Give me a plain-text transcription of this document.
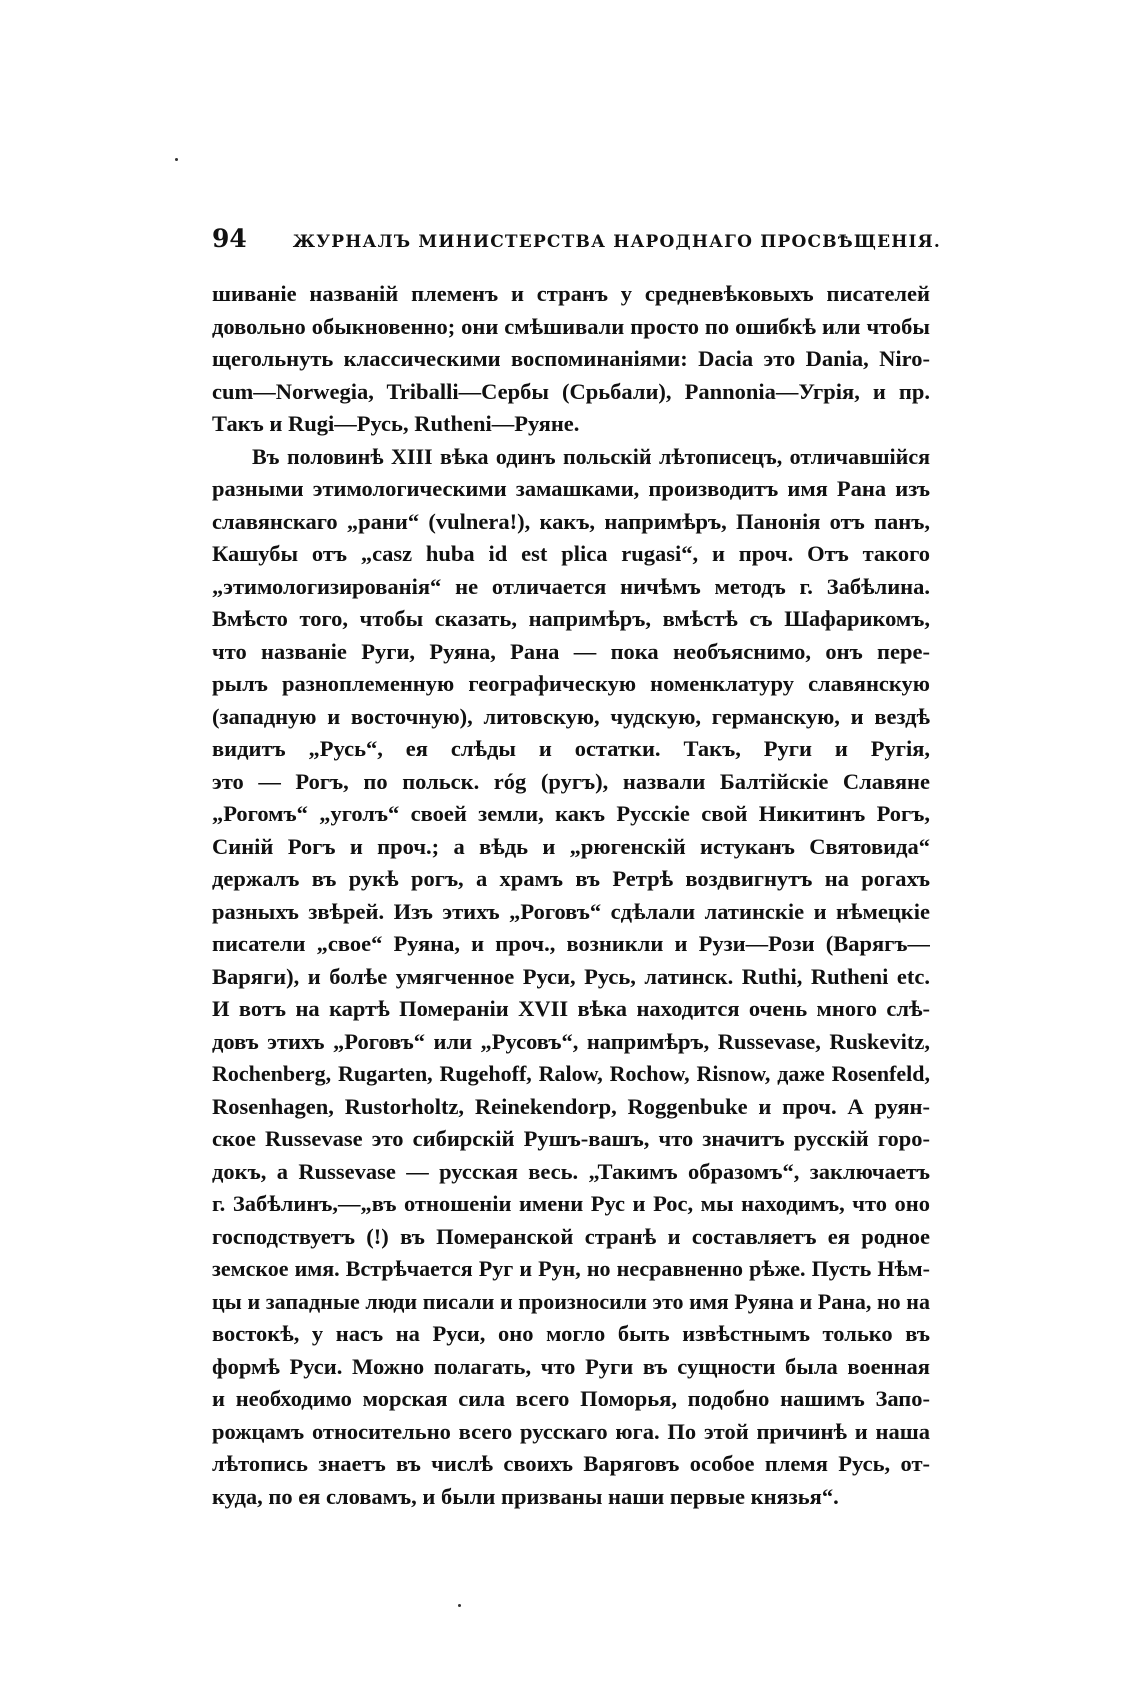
94	ЖУРНАЛЪ МИНИСТЕРСТВА НАРОДНАГО ПРОСВѢЩЕНІЯ.
шиваніе названій племенъ и странъ у средневѣковыхъ писателей
довольно обыкновенно; они смѣшивали просто по ошибкѣ или чтобы
щегольнуть классическими воспоминаніями: Dacia это Dania, Niro-
cum—Norwegia, Triballi—Сербы (Срьбали), Pannonia—Угрія, и пр.
Такъ и Rugi—Русь, Rutheni—Руяне.
Въ половинѣ XIII вѣка одинъ польскій лѣтописецъ, отличавшійся
разными этимологическими замашками, производитъ имя Рана изъ
славянскаго „рани“ (vulnera!), какъ, напримѣръ, Панонія отъ панъ,
Кашубы отъ „casz huba id est plica rugasi“, и проч. Отъ такого
„этимологизированія“ не отличается ничѣмъ методъ г. Забѣлина.
Вмѣсто того, чтобы сказать, напримѣръ, вмѣстѣ съ Шафарикомъ,
что названіе Руги, Руяна, Рана — пока необъяснимо, онъ пере-
рылъ разноплеменную географическую номенклатуру славянскую
(западную и восточную), литовскую, чудскую, германскую, и вездѣ
видитъ „Русь“, ея слѣды и остатки. Такъ, Руги и Ругія,
это — Рогъ, по польск. róg (ругъ), назвали Балтійскіе Славяне
„Рогомъ“ „уголъ“ своей земли, какъ Русскіе свой Никитинъ Рогъ,
Синій Рогъ и проч.; а вѣдь и „рюгенскій истуканъ Святовида“
держалъ въ рукѣ рогъ, а храмъ въ Ретрѣ воздвигнутъ на рогахъ
разныхъ звѣрей. Изъ этихъ „Роговъ“ сдѣлали латинскіе и нѣмецкіе
писатели „свое“ Руяна, и проч., возникли и Рузи—Рози (Варягъ—
Варяги), и болѣе умягченное Руси, Русь, латинск. Ruthi, Rutheni etc.
И вотъ на картѣ Помераніи XVII вѣка находится очень много слѣ-
довъ этихъ „Роговъ“ или „Русовъ“, напримѣръ, Russevase, Ruskevitz,
Rochenberg, Rugarten, Rugehoff, Ralow, Rochow, Risnow, даже Rosenfeld,
Rosenhagen, Rustorholtz, Reinekendorp, Roggenbuke и проч. А руян-
ское Russevase это сибирскій Рушъ-вашъ, что значитъ русскій горо-
докъ, а Russevase — русская весь. „Такимъ образомъ“, заключаетъ
г. Забѣлинъ,—„въ отношеніи имени Рус и Рос, мы находимъ, что оно
господствуетъ (!) въ Померанской странѣ и составляетъ ея родное
земское имя. Встрѣчается Руг и Рун, но несравненно рѣже. Пусть Нѣм-
цы и западные люди писали и произносили это имя Руяна и Рана, но на
востокѣ, у насъ на Руси, оно могло быть извѣстнымъ только въ
формѣ Руси. Можно полагать, что Руги въ сущности была военная
и необходимо морская сила всего Поморья, подобно нашимъ Запо-
рожцамъ относительно всего русскаго юга. По этой причинѣ и наша
лѣтопись знаетъ въ числѣ своихъ Варяговъ особое племя Русь, от-
куда, по ея словамъ, и были призваны наши первые князья“.
